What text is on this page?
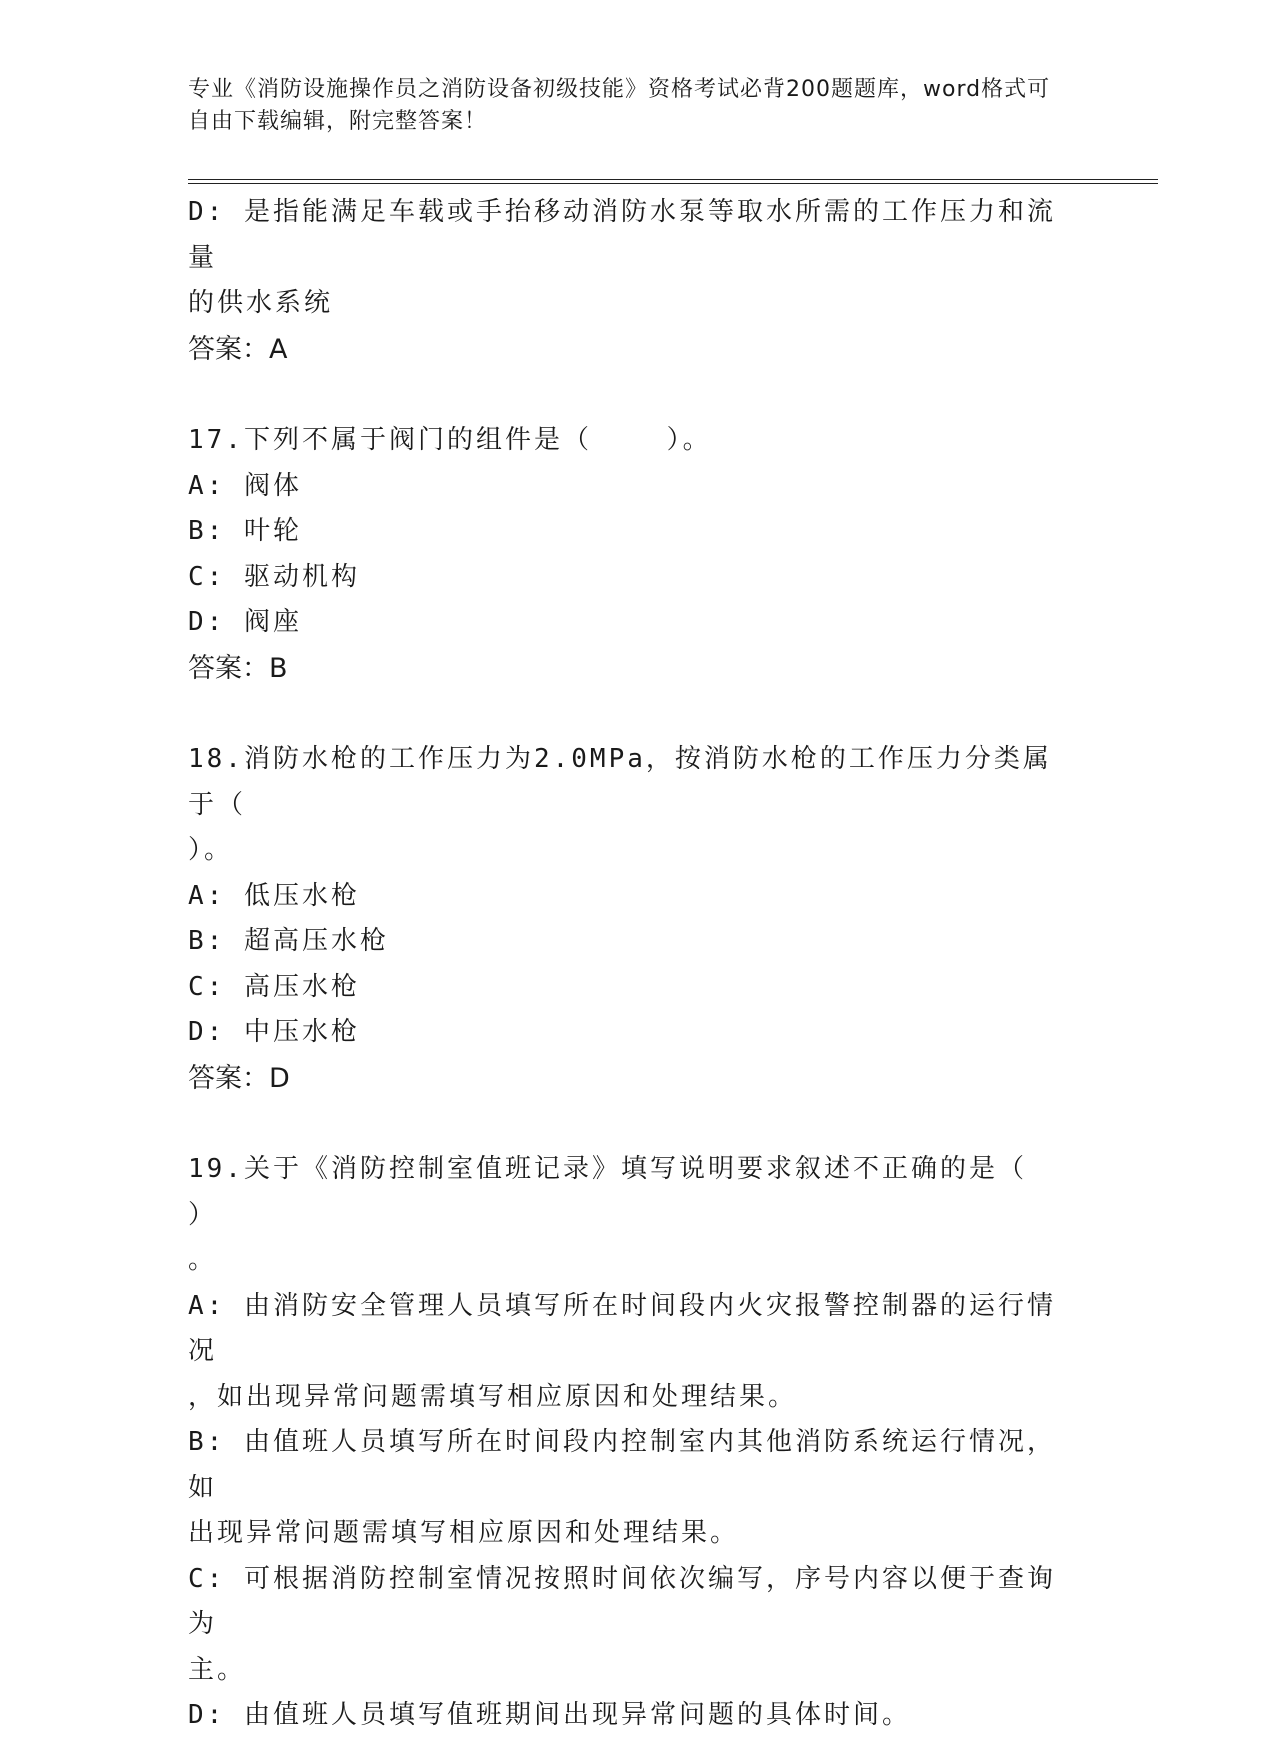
专业《消防设施操作员之消防设备初级技能》资格考试必背200题题库，word格式可自由下载编辑，附完整答案！
D: 是指能满足车载或手抬移动消防水泵等取水所需的工作压力和流量
的供水系统
答案：A
17.下列不属于阀门的组件是（    ）。
A: 阀体
B: 叶轮
C: 驱动机构
D: 阀座
答案：B
18.消防水枪的工作压力为2.0MPa，按消防水枪的工作压力分类属于（
）。
A: 低压水枪
B: 超高压水枪
C: 高压水枪
D: 中压水枪
答案：D
19.关于《消防控制室值班记录》填写说明要求叙述不正确的是（    ）
。
A: 由消防安全管理人员填写所在时间段内火灾报警控制器的运行情况
，如出现异常问题需填写相应原因和处理结果。
B: 由值班人员填写所在时间段内控制室内其他消防系统运行情况，如
出现异常问题需填写相应原因和处理结果。
C: 可根据消防控制室情况按照时间依次编写，序号内容以便于查询为
主。
D: 由值班人员填写值班期间出现异常问题的具体时间。
